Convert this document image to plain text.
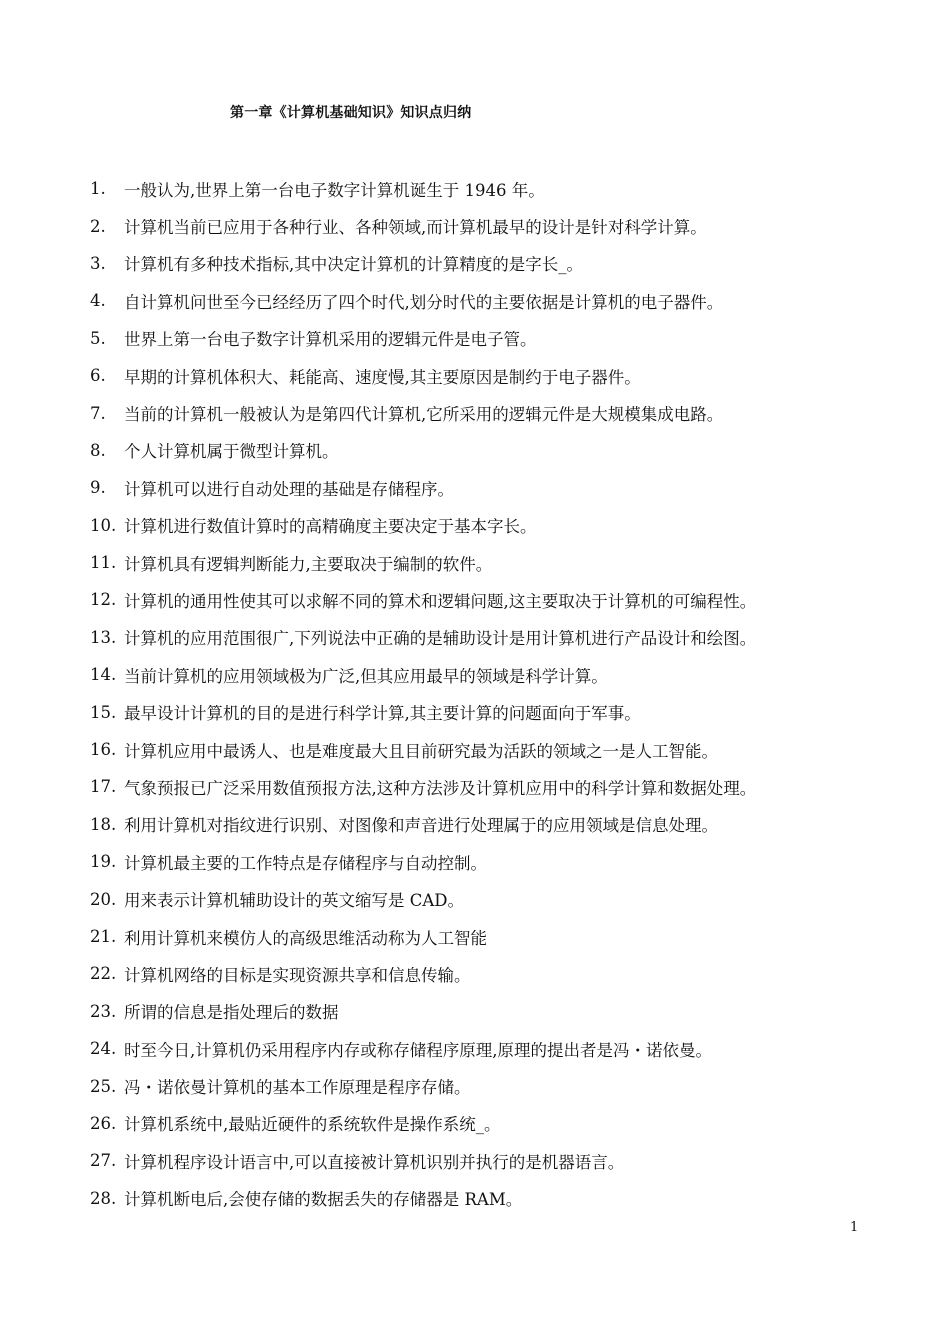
第一章《计算机基础知识》知识点归纳
1.	一般认为,世界上第一台电子数字计算机诞生于 1946 年。
2.	计算机当前已应用于各种行业、各种领域,而计算机最早的设计是针对科学计算。
3.	计算机有多种技术指标,其中决定计算机的计算精度的是字长_。
4.	自计算机问世至今已经经历了四个时代,划分时代的主要依据是计算机的电子器件。
5.	世界上第一台电子数字计算机采用的逻辑元件是电子管。
6.	早期的计算机体积大、耗能高、速度慢,其主要原因是制约于电子器件。
7.	当前的计算机一般被认为是第四代计算机,它所采用的逻辑元件是大规模集成电路。
8.	个人计算机属于微型计算机。
9.	计算机可以进行自动处理的基础是存储程序。
10. 计算机进行数值计算时的高精确度主要决定于基本字长。
11. 计算机具有逻辑判断能力,主要取决于编制的软件。
12. 计算机的通用性使其可以求解不同的算术和逻辑问题,这主要取决于计算机的可编程性。
13. 计算机的应用范围很广,下列说法中正确的是辅助设计是用计算机进行产品设计和绘图。
14. 当前计算机的应用领域极为广泛,但其应用最早的领域是科学计算。
15. 最早设计计算机的目的是进行科学计算,其主要计算的问题面向于军事。
16. 计算机应用中最诱人、也是难度最大且目前研究最为活跃的领域之一是人工智能。
17. 气象预报已广泛采用数值预报方法,这种方法涉及计算机应用中的科学计算和数据处理。
18. 利用计算机对指纹进行识别、对图像和声音进行处理属于的应用领域是信息处理。
19. 计算机最主要的工作特点是存储程序与自动控制。
20. 用来表示计算机辅助设计的英文缩写是 CAD。
21. 利用计算机来模仿人的高级思维活动称为人工智能
22. 计算机网络的目标是实现资源共享和信息传输。
23. 所谓的信息是指处理后的数据
24. 时至今日,计算机仍采用程序内存或称存储程序原理,原理的提出者是冯・诺依曼。
25. 冯・诺依曼计算机的基本工作原理是程序存储。
26. 计算机系统中,最贴近硬件的系统软件是操作系统_。
27. 计算机程序设计语言中,可以直接被计算机识别并执行的是机器语言。
28. 计算机断电后,会使存储的数据丢失的存储器是 RAM。
1
